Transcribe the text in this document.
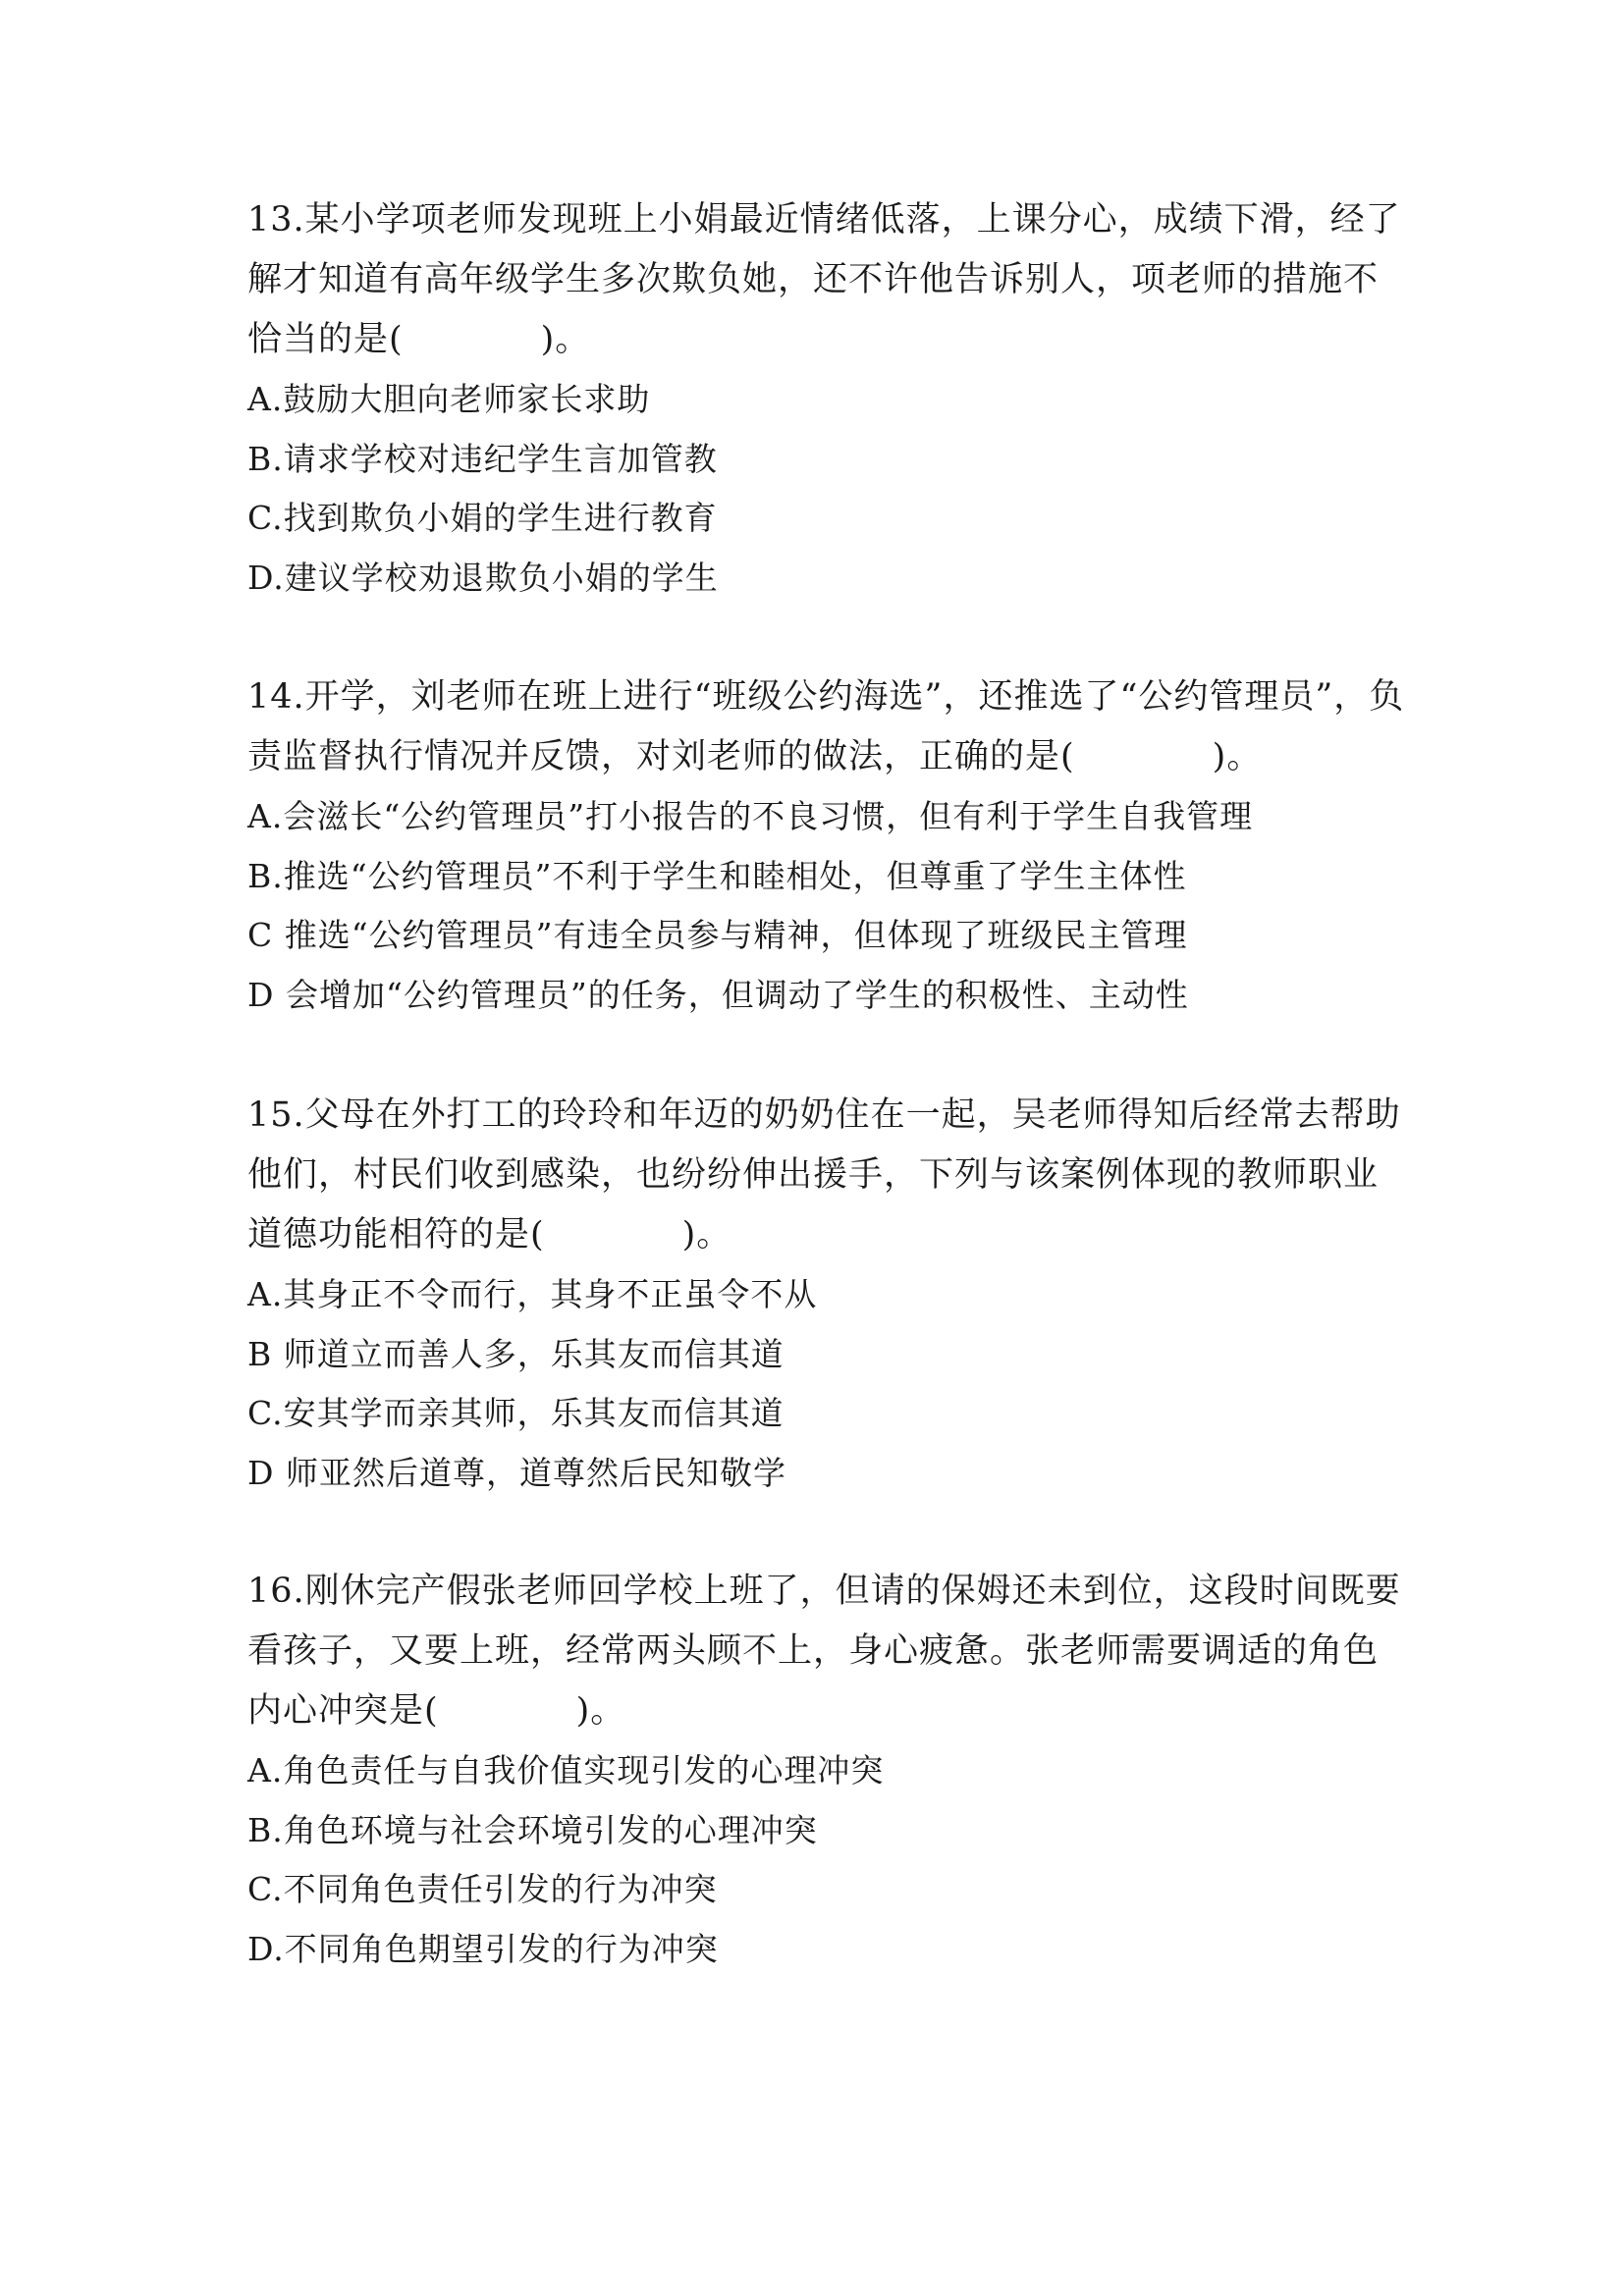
13.某小学项老师发现班上小娟最近情绪低落，上课分心，成绩下滑，经了解才知道有高年级学生多次欺负她，还不许他告诉别人，项老师的措施不恰当的是(	)。

A.鼓励大胆向老师家长求助

B.请求学校对违纪学生言加管教

C.找到欺负小娟的学生进行教育

D.建议学校劝退欺负小娟的学生

14.开学，刘老师在班上进行“班级公约海选”，还推选了“公约管理员”，负责监督执行情况并反馈，对刘老师的做法，正确的是(	)。

A.会滋长“公约管理员”打小报告的不良习惯，但有利于学生自我管理

B.推选“公约管理员”不利于学生和睦相处，但尊重了学生主体性

C 推选“公约管理员”有违全员参与精神，但体现了班级民主管理

D 会增加“公约管理员”的任务，但调动了学生的积极性、主动性

15.父母在外打工的玲玲和年迈的奶奶住在一起，吴老师得知后经常去帮助他们，村民们收到感染，也纷纷伸出援手，下列与该案例体现的教师职业道德功能相符的是(	)。

A.其身正不令而行，其身不正虽令不从

B 师道立而善人多，乐其友而信其道

C.安其学而亲其师，乐其友而信其道

D 师亚然后道尊，道尊然后民知敬学

16.刚休完产假张老师回学校上班了，但请的保姆还未到位，这段时间既要看孩子，又要上班，经常两头顾不上，身心疲惫。张老师需要调适的角色内心冲突是(	)。

A.角色责任与自我价值实现引发的心理冲突

B.角色环境与社会环境引发的心理冲突

C.不同角色责任引发的行为冲突

D.不同角色期望引发的行为冲突
